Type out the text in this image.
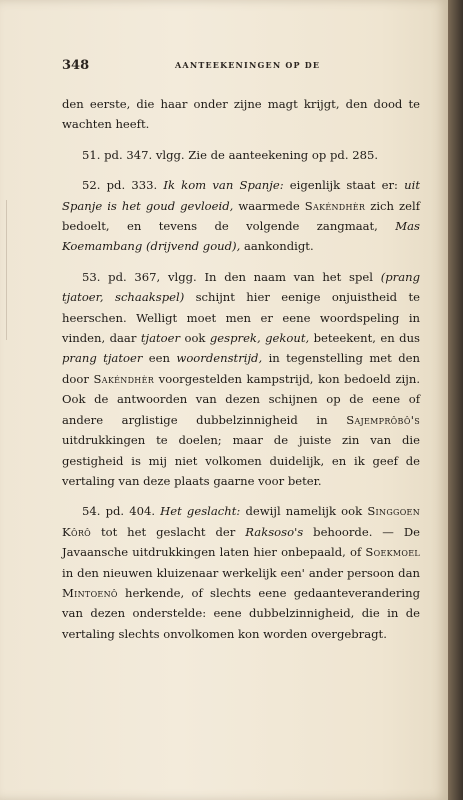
348	AANTEEKENINGEN OP DE

den eerste, die haar onder zijne magt krijgt, den dood te wachten heeft.

51. pd. 347. vlgg. Zie de aanteekening op pd. 285.

52. pd. 333. Ik kom van Spanje: eigenlijk staat er: uit Spanje is het goud gevloeid, waarmede Sakéndhèr zich zelf bedoelt, en tevens de volgende zangmaat, Mas Koemambang (drijvend goud), aankondigt.

53. pd. 367, vlgg. In den naam van het spel (prang tjatoer, schaakspel) schijnt hier eenige onjuistheid te heerschen. Welligt moet men er eene woordspeling in vinden, daar tjatoer ook gesprek, gekout, beteekent, en dus prang tjatoer een woordenstrijd, in tegenstelling met den door Sakéndhèr voorgestelden kampstrijd, kon bedoeld zijn. Ook de antwoorden van dezen schijnen op de eene of andere arglistige dubbelzinnigheid in Sajemprôbô's uitdrukkingen te doelen; maar de juiste zin van die gestigheid is mij niet volkomen duidelijk, en ik geef de vertaling van deze plaats gaarne voor beter.

54. pd. 404. Het geslacht: dewijl namelijk ook Singgoen Kôrô tot het geslacht der Raksoso's behoorde. — De Javaansche uitdrukkingen laten hier onbepaald, of Soekmoel in den nieuwen kluizenaar werkelijk een' ander persoon dan Mintoenô herkende, of slechts eene gedaanteverandering van dezen onderstelde: eene dubbelzinnigheid, die in de vertaling slechts onvolkomen kon worden overgebragt.
